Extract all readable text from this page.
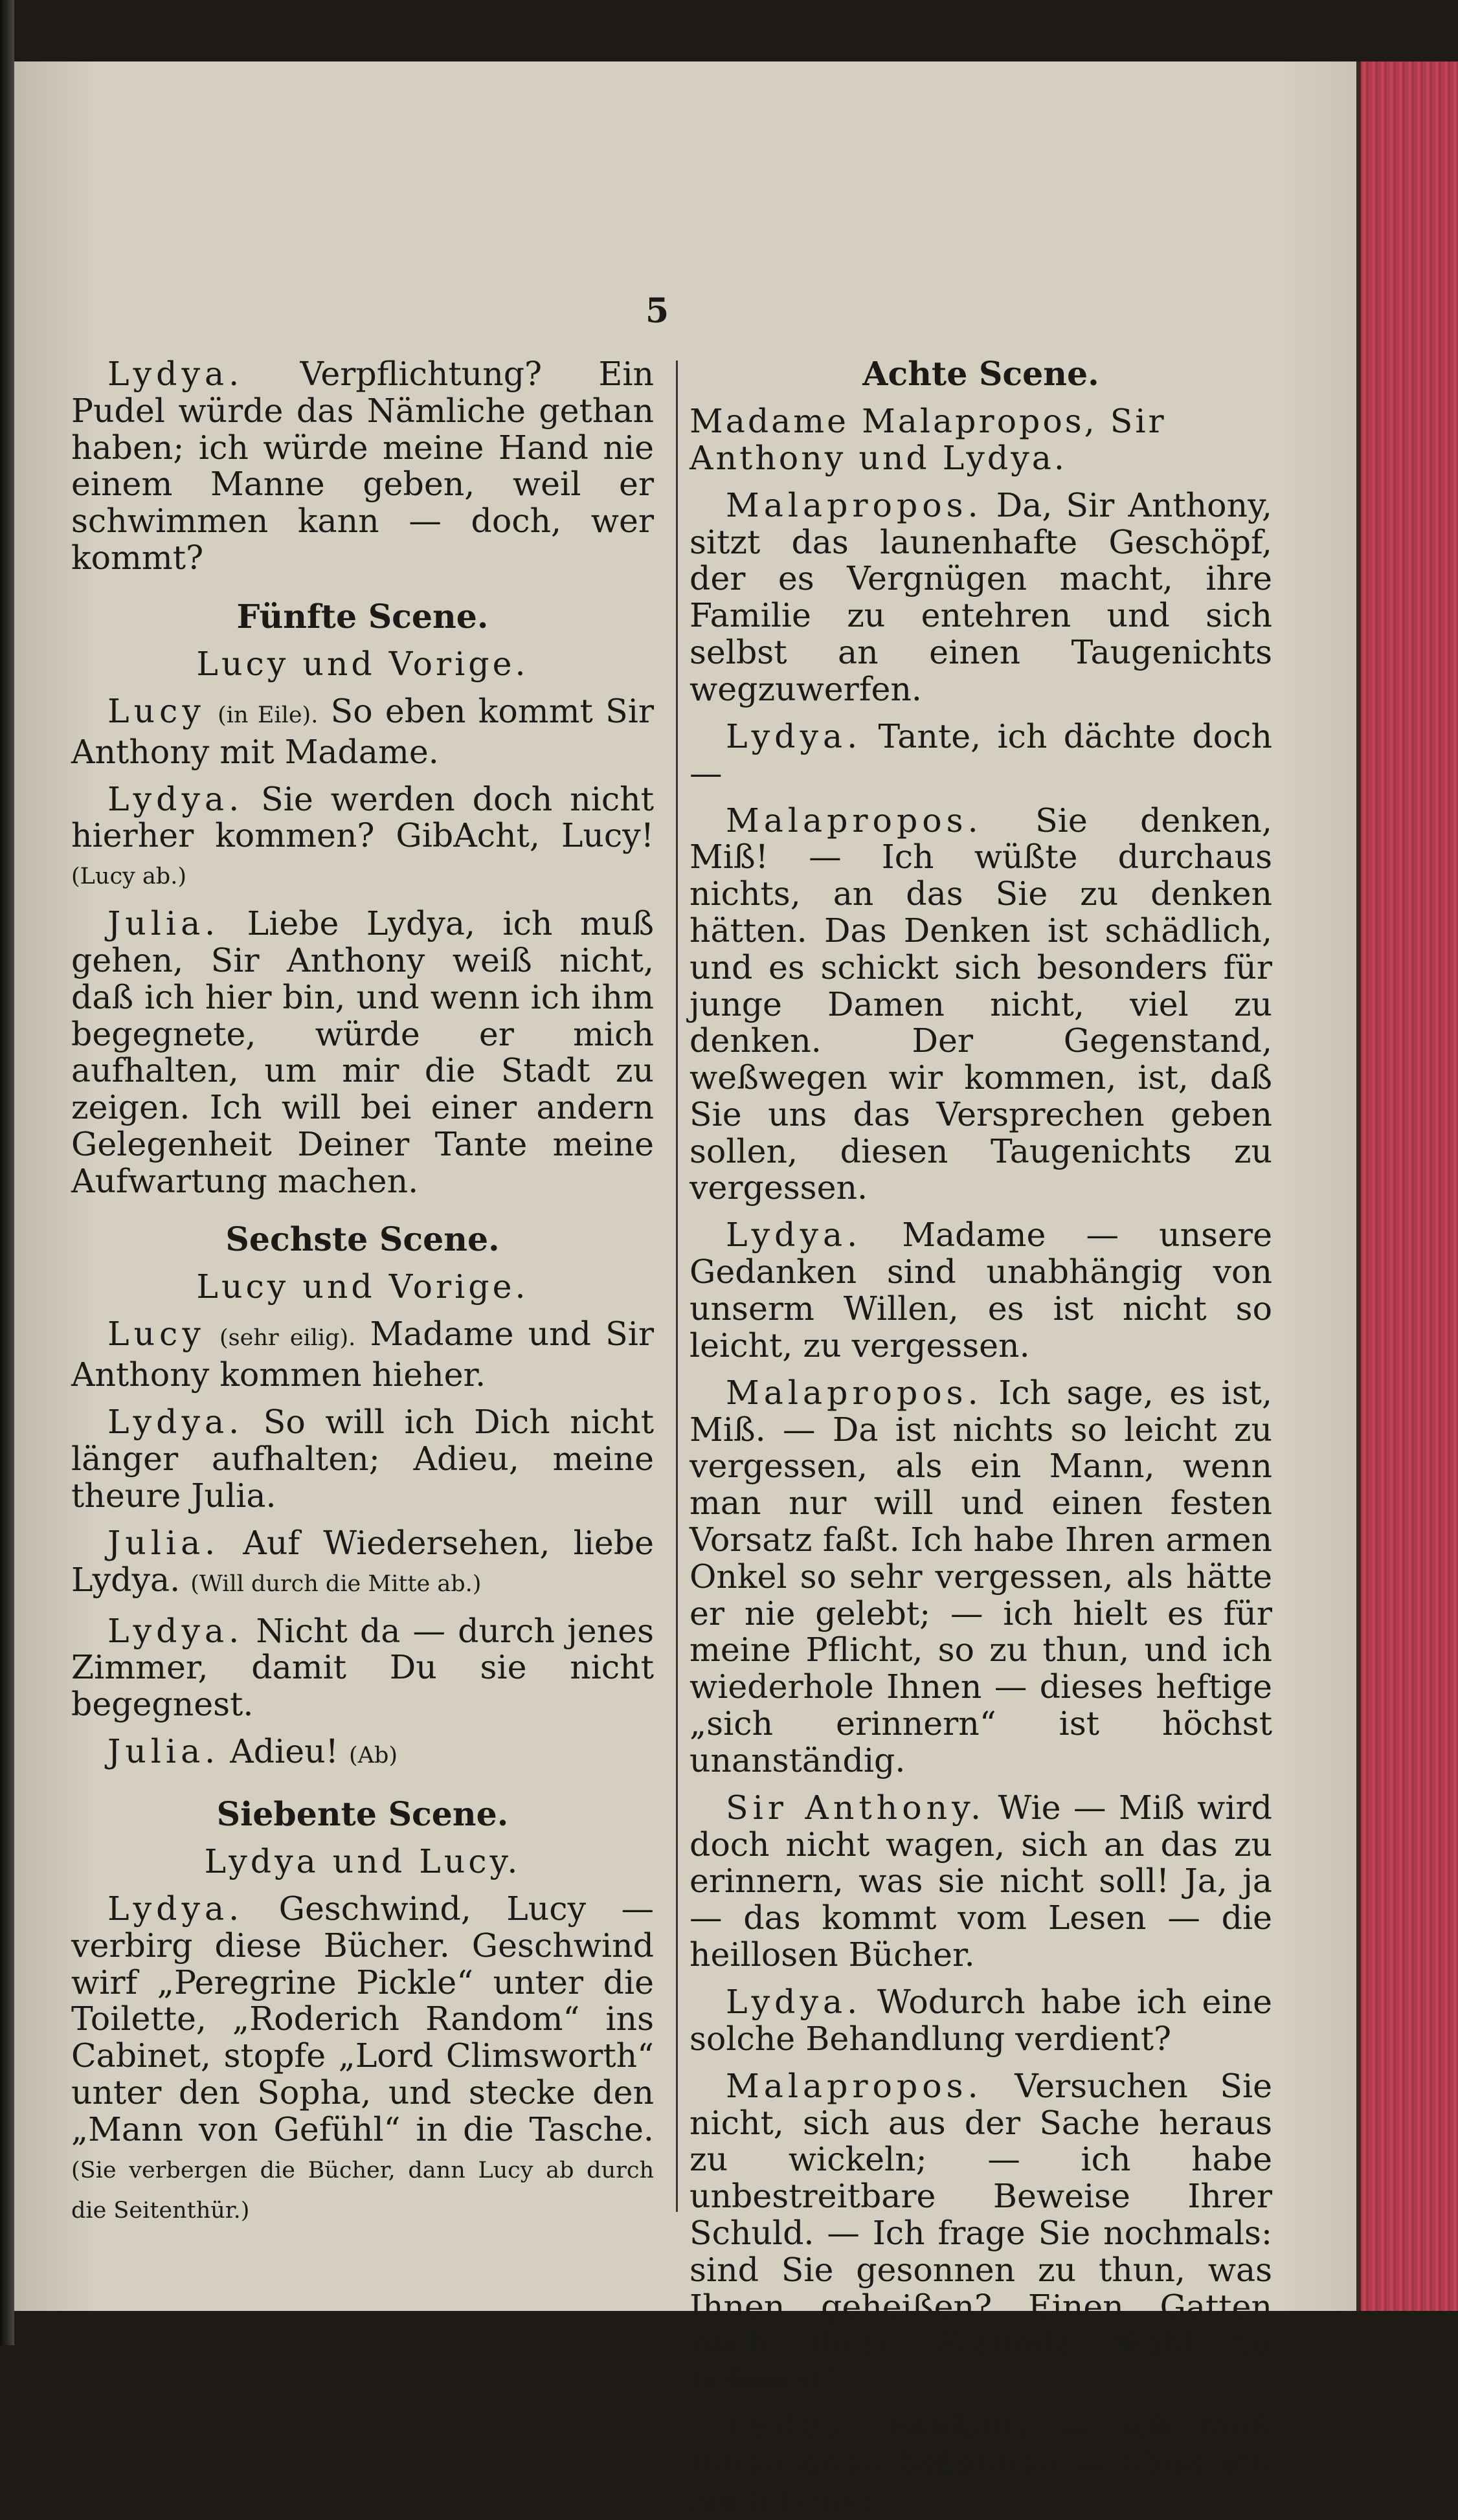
5

Lydya. Verpflichtung? Ein Pudel würde das Nämliche gethan haben; ich würde meine Hand nie einem Manne geben, weil er schwimmen kann — doch, wer kommt?

Fünfte Scene.
Lucy und Vorige.

Lucy (in Eile). So eben kommt Sir Anthony mit Madame.

Lydya. Sie werden doch nicht hierher kommen? GibAcht, Lucy! (Lucy ab.)

Julia. Liebe Lydya, ich muß gehen, Sir Anthony weiß nicht, daß ich hier bin, und wenn ich ihm begegnete, würde er mich aufhalten, um mir die Stadt zu zeigen. Ich will bei einer andern Gelegenheit Deiner Tante meine Aufwartung machen.

Sechste Scene.
Lucy und Vorige.

Lucy (sehr eilig). Madame und Sir Anthony kommen hieher.

Lydya. So will ich Dich nicht länger aufhalten; Adieu, meine theure Julia.

Julia. Auf Wiedersehen, liebe Lydya. (Will durch die Mitte ab.)

Lydya. Nicht da — durch jenes Zimmer, damit Du sie nicht begegnest.

Julia. Adieu! (Ab)

Siebente Scene.
Lydya und Lucy.

Lydya. Geschwind, Lucy — verbirg diese Bücher. Geschwind wirf „Peregrine Pickle“ unter die Toilette, „Roderich Random“ ins Cabinet, stopfe „Lord Climsworth“ unter den Sopha, und stecke den „Mann von Gefühl“ in die Tasche. (Sie verbergen die Bücher, dann Lucy ab durch die Seitenthür.)

Achte Scene.
Madame Malapropos, Sir Anthony und Lydya.

Malapropos. Da, Sir Anthony, sitzt das launenhafte Geschöpf, der es Vergnügen macht, ihre Familie zu entehren und sich selbst an einen Taugenichts wegzuwerfen.

Lydya. Tante, ich dächte doch —

Malapropos. Sie denken, Miß! — Ich wüßte durchaus nichts, an das Sie zu denken hätten. Das Denken ist schädlich, und es schickt sich besonders für junge Damen nicht, viel zu denken. Der Gegenstand, weßwegen wir kommen, ist, daß Sie uns das Versprechen geben sollen, diesen Taugenichts zu vergessen.

Lydya. Madame — unsere Gedanken sind unabhängig von unserm Willen, es ist nicht so leicht, zu vergessen.

Malapropos. Ich sage, es ist, Miß. — Da ist nichts so leicht zu vergessen, als ein Mann, wenn man nur will und einen festen Vorsatz faßt. Ich habe Ihren armen Onkel so sehr vergessen, als hätte er nie gelebt; — ich hielt es für meine Pflicht, so zu thun, und ich wiederhole Ihnen — dieses heftige „sich erinnern“ ist höchst unanständig.

Sir Anthony. Wie — Miß wird doch nicht wagen, sich an das zu erinnern, was sie nicht soll! Ja, ja — das kommt vom Lesen — die heillosen Bücher.

Lydya. Wodurch habe ich eine solche Behandlung verdient?

Malapropos. Versuchen Sie nicht, sich aus der Sache heraus zu wickeln; — ich habe unbestreitbare Beweise Ihrer Schuld. — Ich frage Sie nochmals: sind Sie gesonnen zu thun, was Ihnen geheißen? Einen Gatten nach Ihrer Freunde Wahl zu nehmen?

Lydya. Madame — ich muß Ihnen offen bekennen — hätte ich auch keine
